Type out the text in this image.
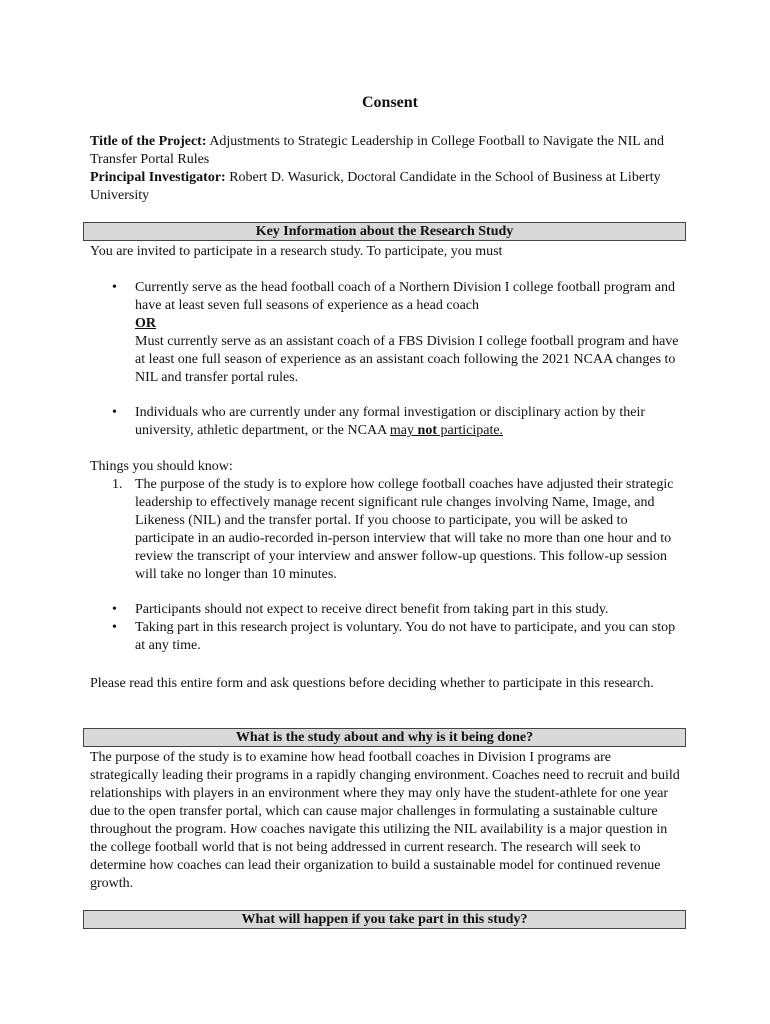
Consent

Title of the Project: Adjustments to Strategic Leadership in College Football to Navigate the NIL and Transfer Portal Rules

Principal Investigator: Robert D. Wasurick, Doctoral Candidate in the School of Business at Liberty University

Key Information about the Research Study

You are invited to participate in a research study. To participate, you must

• Currently serve as the head football coach of a Northern Division I college football program and have at least seven full seasons of experience as a head coach
OR
Must currently serve as an assistant coach of a FBS Division I college football program and have at least one full season of experience as an assistant coach following the 2021 NCAA changes to NIL and transfer portal rules.
• Individuals who are currently under any formal investigation or disciplinary action by their university, athletic department, or the NCAA may not participate.

Things you should know:

1. The purpose of the study is to explore how college football coaches have adjusted their strategic leadership to effectively manage recent significant rule changes involving Name, Image, and Likeness (NIL) and the transfer portal. If you choose to participate, you will be asked to participate in an audio-recorded in-person interview that will take no more than one hour and to review the transcript of your interview and answer follow-up questions. This follow-up session will take no longer than 10 minutes.
• Participants should not expect to receive direct benefit from taking part in this study.
• Taking part in this research project is voluntary. You do not have to participate, and you can stop at any time.

Please read this entire form and ask questions before deciding whether to participate in this research.

What is the study about and why is it being done?

The purpose of the study is to examine how head football coaches in Division I programs are strategically leading their programs in a rapidly changing environment. Coaches need to recruit and build relationships with players in an environment where they may only have the student-athlete for one year due to the open transfer portal, which can cause major challenges in formulating a sustainable culture throughout the program. How coaches navigate this utilizing the NIL availability is a major question in the college football world that is not being addressed in current research. The research will seek to determine how coaches can lead their organization to build a sustainable model for continued revenue growth.

What will happen if you take part in this study?
